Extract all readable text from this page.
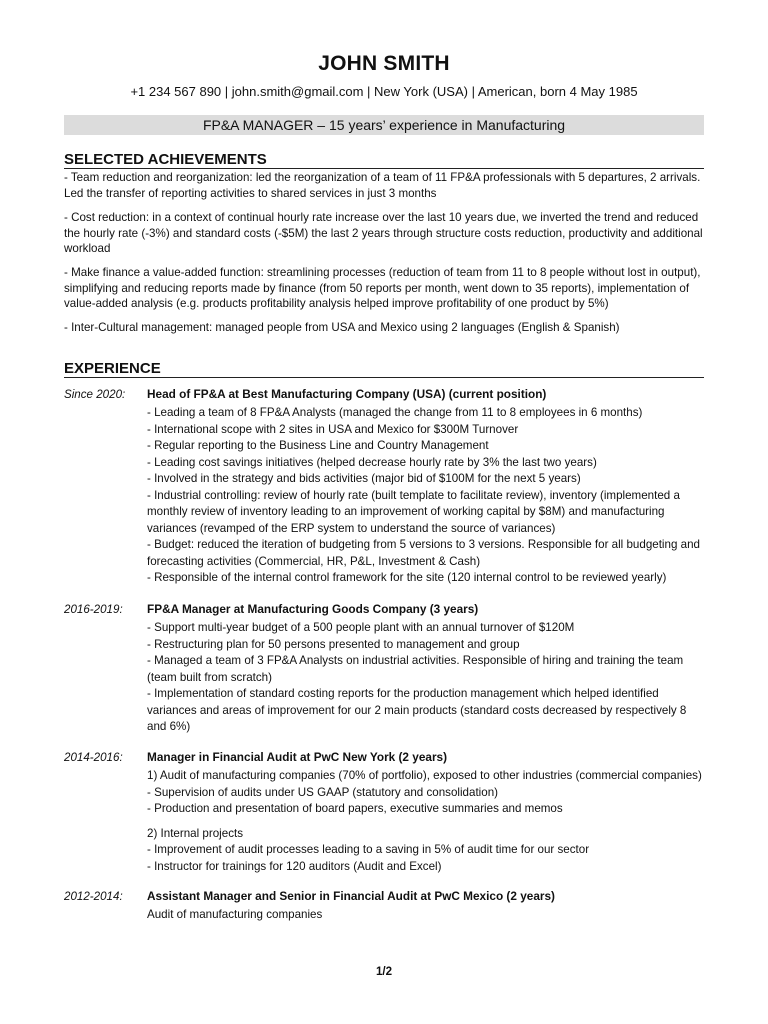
JOHN SMITH
+1 234 567 890 | john.smith@gmail.com | New York (USA) | American, born 4 May 1985
FP&A MANAGER – 15 years’ experience in Manufacturing
SELECTED ACHIEVEMENTS
- Team reduction and reorganization: led the reorganization of a team of 11 FP&A professionals with 5 departures, 2 arrivals. Led the transfer of reporting activities to shared services in just 3 months
- Cost reduction: in a context of continual hourly rate increase over the last 10 years due, we inverted the trend and reduced the hourly rate (-3%) and standard costs (-$5M) the last 2 years through structure costs reduction, productivity and additional workload
- Make finance a value-added function: streamlining processes (reduction of team from 11 to 8 people without lost in output), simplifying and reducing reports made by finance (from 50 reports per month, went down to 35 reports), implementation of value-added analysis (e.g. products profitability analysis helped improve profitability of one product by 5%)
- Inter-Cultural management: managed people from USA and Mexico using 2 languages (English & Spanish)
EXPERIENCE
Since 2020: Head of FP&A at Best Manufacturing Company (USA) (current position)
- Leading a team of 8 FP&A Analysts (managed the change from 11 to 8 employees in 6 months)
- International scope with 2 sites in USA and Mexico for $300M Turnover
- Regular reporting to the Business Line and Country Management
- Leading cost savings initiatives (helped decrease hourly rate by 3% the last two years)
- Involved in the strategy and bids activities (major bid of $100M for the next 5 years)
- Industrial controlling: review of hourly rate (built template to facilitate review), inventory (implemented a monthly review of inventory leading to an improvement of working capital by $8M) and manufacturing variances (revamped of the ERP system to understand the source of variances)
- Budget: reduced the iteration of budgeting from 5 versions to 3 versions. Responsible for all budgeting and forecasting activities (Commercial, HR, P&L, Investment & Cash)
- Responsible of the internal control framework for the site (120 internal control to be reviewed yearly)
2016-2019: FP&A Manager at Manufacturing Goods Company (3 years)
- Support multi-year budget of a 500 people plant with an annual turnover of $120M
- Restructuring plan for 50 persons presented to management and group
- Managed a team of 3 FP&A Analysts on industrial activities. Responsible of hiring and training the team (team built from scratch)
- Implementation of standard costing reports for the production management which helped identified variances and areas of improvement for our 2 main products (standard costs decreased by respectively 8 and 6%)
2014-2016: Manager in Financial Audit at PwC New York (2 years)
1) Audit of manufacturing companies (70% of portfolio), exposed to other industries (commercial companies)
- Supervision of audits under US GAAP (statutory and consolidation)
- Production and presentation of board papers, executive summaries and memos
2) Internal projects
- Improvement of audit processes leading to a saving in 5% of audit time for our sector
- Instructor for trainings for 120 auditors (Audit and Excel)
2012-2014: Assistant Manager and Senior in Financial Audit at PwC Mexico (2 years)
Audit of manufacturing companies
1/2
